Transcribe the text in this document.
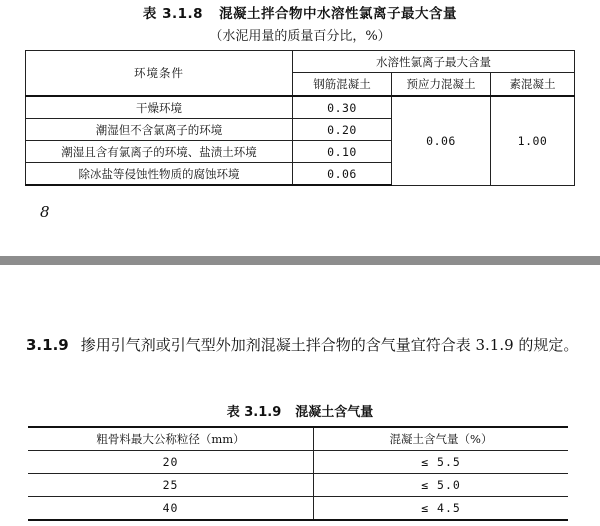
表 3.1.8 混凝土拌合物中水溶性氯离子最大含量
（水泥用量的质量百分比，%）
环境条件	水溶性氯离子最大含量		
	钢筋混凝土	预应力混凝土	素混凝土
干燥环境	0.30	0.06	1.00
潮湿但不含氯离子的环境	0.20		
潮湿且含有氯离子的环境、盐渍土环境	0.10		
除冰盐等侵蚀性物质的腐蚀环境	0.06		
8
3.1.9 掺用引气剂或引气型外加剂混凝土拌合物的含气量宜符合表 3.1.9 的规定。
表 3.1.9 混凝土含气量
粗骨料最大公称粒径（mm）	混凝土含气量（%）
20	≤ 5.5
25	≤ 5.0
40	≤ 4.5
